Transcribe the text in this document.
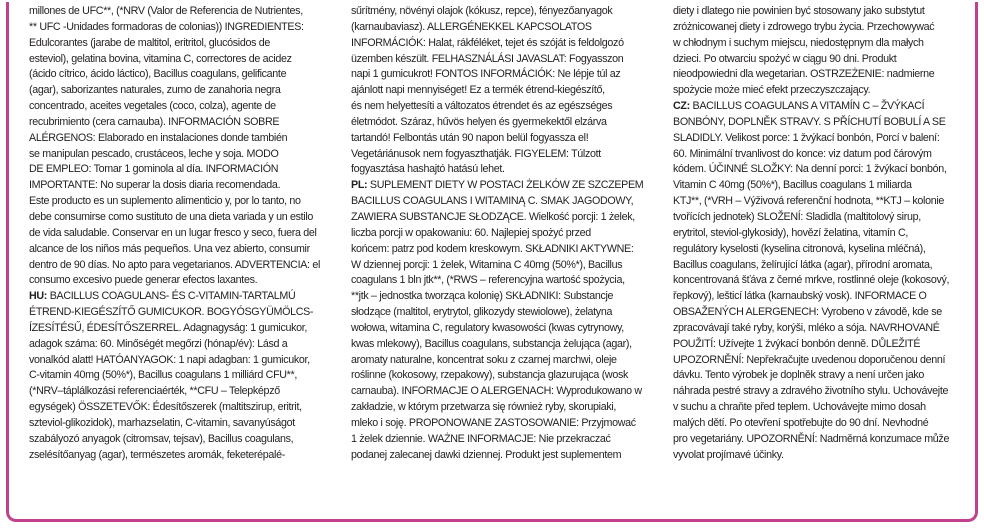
millones de UFC**, (*NRV (Valor de Referencia de Nutrientes,
** UFC -Unidades formadoras de colonias)) INGREDIENTES:
Edulcorantes (jarabe de maltitol, eritritol, glucósidos de
esteviol), gelatina bovina, vitamina C, correctores de acidez
(ácido cítrico, ácido láctico), Bacillus coagulans, gelificante
(agar), saborizantes naturales, zumo de zanahoria negra
concentrado, aceites vegetales (coco, colza), agente de
recubrimiento (cera carnauba). INFORMACIÓN SOBRE
ALÉRGENOS: Elaborado en instalaciones donde también
se manipulan pescado, crustáceos, leche y soja. MODO
DE EMPLEO: Tomar 1 gominola al día. INFORMACIÓN
IMPORTANTE: No superar la dosis diaria recomendada.
Este producto es un suplemento alimenticio y, por lo tanto, no
debe consumirse como sustituto de una dieta variada y un estilo
de vida saludable. Conservar en un lugar fresco y seco, fuera del
alcance de los niños más pequeños. Una vez abierto, consumir
dentro de 90 días. No apto para vegetarianos. ADVERTENCIA: el
consumo excesivo puede generar efectos laxantes.
HU: BACILLUS COAGULANS- ÉS C-VITAMIN-TARTALMÚ
ÉTREND-KIEGÉSZÍTŐ GUMICUKOR. BOGYÓSGYÜMÖLCS-
ÍZESÍTÉSŰ, ÉDESÍTŐSZERREL. Adagnagyság: 1 gumicukor,
adagok száma: 60. Minőségét megőrzi (hónap/év): Lásd a
vonalkód alatt! HATÓANYAGOK: 1 napi adagban: 1 gumicukor,
C-vitamin 40mg (50%*), Bacillus coagulans 1 milliárd CFU**,
(*NRV–táplálkozási referenciaérték, **CFU – Telepképző
egységek) ÖSSZETEVŐK: Édesítőszerek (maltitszirup, eritrit,
szteviol-glikozidok), marhazselatin, C-vitamin, savanyúságot
szabályozó anyagok (citromsav, tejsav), Bacillus coagulans,
zselésítőanyag (agar), természetes aromák, feketerépalé-
sűrítmény, növényi olajok (kókusz, repce), fényezőanyagok
(karnaubaviasz). ALLERGÉNEKKEL KAPCSOLATOS
INFORMÁCIÓK: Halat, rákféléket, tejet és szóját is feldolgozó
üzemben készült. FELHASZNÁLÁSI JAVASLAT: Fogyasszon
napi 1 gumicukrot! FONTOS INFORMÁCIÓK: Ne lépje túl az
ajánlott napi mennyiséget! Ez a termék étrend-kiegészítő,
és nem helyettesíti a változatos étrendet és az egészséges
életmódot. Száraz, hűvös helyen és gyermekektől elzárva
tartandó! Felbontás után 90 napon belül fogyassza el!
Vegetáriánusok nem fogyaszthatják. FIGYELEM: Túlzott
fogyasztása hashajtó hatású lehet.
PL: SUPLEMENT DIETY W POSTACI ŻELKÓW ZE SZCZEPEM
BACILLUS COAGULANS I WITAMINĄ C. SMAK JAGODOWY,
ZAWIERA SUBSTANCJE SŁODZĄCE. Wielkość porcji: 1 żelek,
liczba porcji w opakowaniu: 60. Najlepiej spożyć przed
końcem: patrz pod kodem kreskowym. SKŁADNIKI AKTYWNE:
W dziennej porcji: 1 żelek, Witamina C 40mg (50%*), Bacillus
coagulans 1 bln jtk**, (*RWS – referencyjna wartość spożycia,
**jtk – jednostka tworząca kolonię) SKŁADNIKI: Substancje
słodzące (maltitol, erytrytol, glikozydy stewiolowe), żelatyna
wołowa, witamina C, regulatory kwasowości (kwas cytrynowy,
kwas mlekowy), Bacillus coagulans, substancja żelująca (agar),
aromaty naturalne, koncentrat soku z czarnej marchwi, oleje
roślinne (kokosowy, rzepakowy), substancja glazurująca (wosk
carnauba). INFORMACJE O ALERGENACH: Wyprodukowano w
zakładzie, w którym przetwarza się również ryby, skorupiaki,
mleko i soję. PROPONOWANE ZASTOSOWANIE: Przyjmować
1 żelek dziennie. WAŻNE INFORMACJE: Nie przekraczać
podanej zalecanej dawki dziennej. Produkt jest suplementem
diety i dlatego nie powinien być stosowany jako substytut
zróżnicowanej diety i zdrowego trybu życia. Przechowywać
w chłodnym i suchym miejscu, niedostępnym dla małych
dzieci. Po otwarciu spożyć w ciągu 90 dni. Produkt
nieodpowiedni dla wegetarian. OSTRZEŻENIE: nadmierne
spożycie może mieć efekt przeczyszczający.
CZ: BACILLUS COAGULANS A VITAMÍN C – ŽVÝKACÍ
BONBÓNY, DOPLNĚK STRAVY. S PŘÍCHUTÍ BOBULÍ A SE
SLADIDLY. Velikost porce: 1 žvýkací bonbón, Porcí v balení:
60. Minimální trvanlivost do konce: viz datum pod čárovým
kódem. ÚČINNÉ SLOŽKY: Na denní porci: 1 žvýkací bonbón,
Vitamin C 40mg (50%*), Bacillus coagulans 1 miliarda
KTJ**, (*VRH – Výživová referenční hodnota, **KTJ – kolonie
tvořících jednotek) SLOŽENÍ: Sladidla (maltitolový sirup,
erytritol, steviol-glykosidy), hovězí želatina, vitamín C,
regulátory kyselosti (kyselina citronová, kyselina mléčná),
Bacillus coagulans, želírující látka (agar), přírodní aromata,
koncentrovaná šťáva z černé mrkve, rostlinné oleje (kokosový,
řepkový), lešticí látka (karnaubský vosk). INFORMACE O
OBSAŽENÝCH ALERGENECH: Vyrobeno v závodě, kde se
zpracovávají také ryby, korýši, mléko a sója. NAVRHOVANÉ
POUŽITÍ: Užívejte 1 žvýkací bonbón denně. DŮLEŽITÉ
UPOZORNĚNÍ: Nepřekračujte uvedenou doporučenou denní
dávku. Tento výrobek je doplněk stravy a není určen jako
náhrada pestré stravy a zdravého životního stylu. Uchovávejte
v suchu a chraňte před teplem. Uchovávejte mimo dosah
malých dětí. Po otevření spotřebujte do 90 dní. Nevhodné
pro vegetariány. UPOZORNĚNÍ: Nadměrná konzumace může
vyvolat projímavé účinky.
